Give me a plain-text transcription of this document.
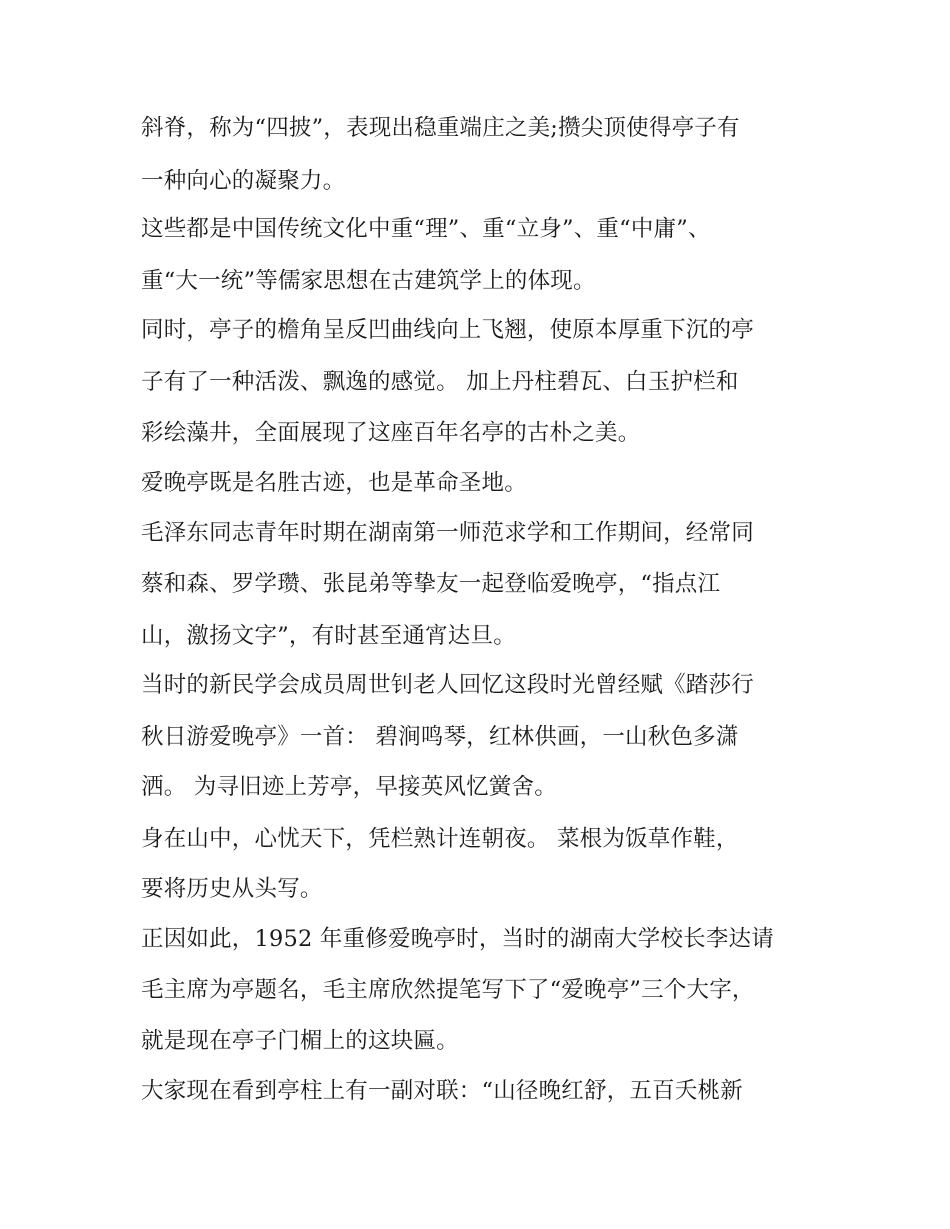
斜脊，称为“四披”，表现出稳重端庄之美;攒尖顶使得亭子有
一种向心的凝聚力。
这些都是中国传统文化中重“理”、重“立身”、重“中庸”、
重“大一统”等儒家思想在古建筑学上的体现。
同时，亭子的檐角呈反凹曲线向上飞翘，使原本厚重下沉的亭
子有了一种活泼、飘逸的感觉。 加上丹柱碧瓦、白玉护栏和
彩绘藻井，全面展现了这座百年名亭的古朴之美。
爱晚亭既是名胜古迹，也是革命圣地。
毛泽东同志青年时期在湖南第一师范求学和工作期间，经常同
蔡和森、罗学瓒、张昆弟等挚友一起登临爱晚亭，“指点江
山，激扬文字”，有时甚至通宵达旦。
当时的新民学会成员周世钊老人回忆这段时光曾经赋《踏莎行
秋日游爱晚亭》一首： 碧涧鸣琴，红林供画，一山秋色多潇
洒。 为寻旧迹上芳亭，早接英风忆黉舍。
身在山中，心忧天下，凭栏熟计连朝夜。 菜根为饭草作鞋，
要将历史从头写。
正因如此，1952 年重修爱晚亭时，当时的湖南大学校长李达请
毛主席为亭题名，毛主席欣然提笔写下了“爱晚亭”三个大字，
就是现在亭子门楣上的这块匾。
大家现在看到亭柱上有一副对联：“山径晚红舒，五百夭桃新
